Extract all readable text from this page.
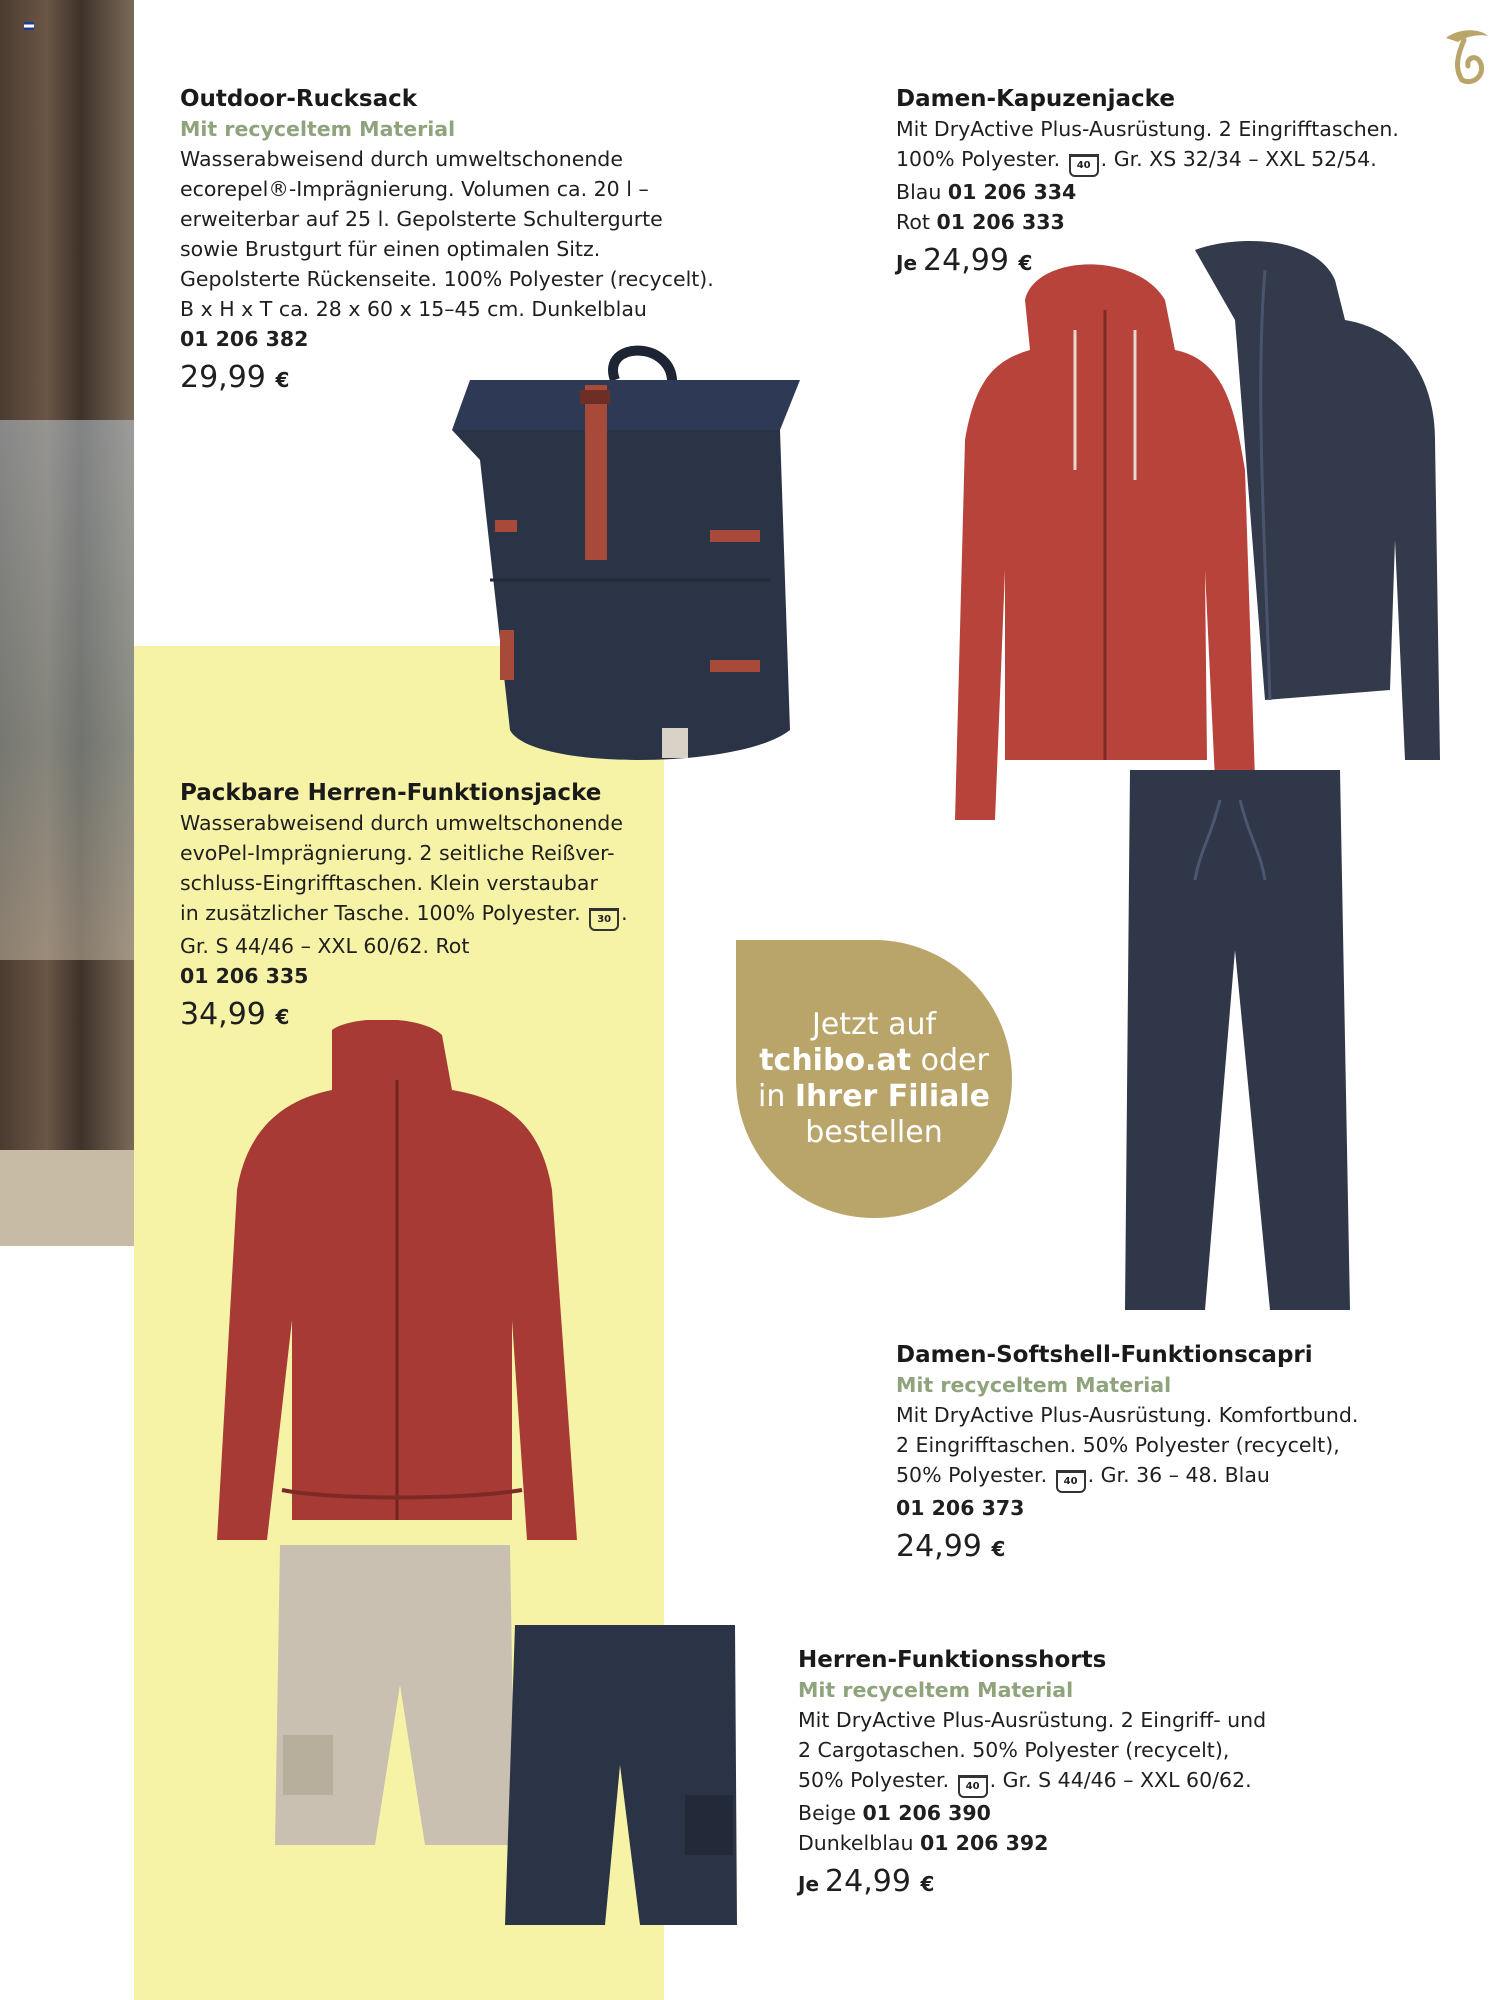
Outdoor-Rucksack
Mit recyceltem Material
Wasserabweisend durch umweltschonende
ecorepel®-Imprägnierung. Volumen ca. 20 l –
erweiterbar auf 25 l. Gepolsterte Schultergurte
sowie Brustgurt für einen optimalen Sitz.
Gepolsterte Rückenseite. 100% Polyester (recycelt).
B x H x T ca. 28 x 60 x 15–45 cm. Dunkelblau
01 206 382
29,99 €
Damen-Kapuzenjacke
Mit DryActive Plus-Ausrüstung. 2 Eingrifftaschen.
100% Polyester. 40 . Gr. XS 32/34 – XXL 52/54.
Blau 01 206 334
Rot 01 206 333
Je 24,99 €
Packbare Herren-Funktionsjacke
Wasserabweisend durch umweltschonende
evoPel-Imprägnierung. 2 seitliche Reißver-
schluss-Eingrifftaschen. Klein verstaubar
in zusätzlicher Tasche. 100% Polyester. 30 .
Gr. S 44/46 – XXL 60/62. Rot
01 206 335
34,99 €	Jetzt auf
tchibo.at oder
in Ihrer Filiale
bestellen
Damen-Softshell-Funktionscapri
Mit recyceltem Material
Mit DryActive Plus-Ausrüstung. Komfortbund.
2 Eingrifftaschen. 50% Polyester (recycelt),
50% Polyester. 40 . Gr. 36 – 48. Blau
01 206 373
24,99 €
Herren-Funktionsshorts
Mit recyceltem Material
Mit DryActive Plus-Ausrüstung. 2 Eingriff- und
2 Cargotaschen. 50% Polyester (recycelt),
50% Polyester. 40 . Gr. S 44/46 – XXL 60/62.
Beige 01 206 390
Dunkelblau 01 206 392
Je 24,99 €
